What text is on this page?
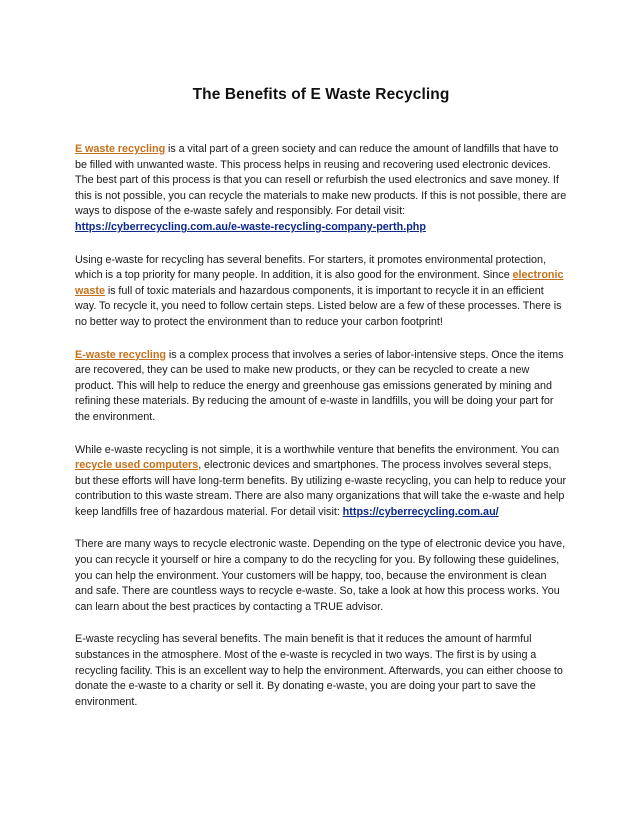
The Benefits of E Waste Recycling

E waste recycling is a vital part of a green society and can reduce the amount of landfills that have to be filled with unwanted waste. This process helps in reusing and recovering used electronic devices. The best part of this process is that you can resell or refurbish the used electronics and save money. If this is not possible, you can recycle the materials to make new products. If this is not possible, there are ways to dispose of the e-waste safely and responsibly. For detail visit: https://cyberrecycling.com.au/e-waste-recycling-company-perth.php

Using e-waste for recycling has several benefits. For starters, it promotes environmental protection, which is a top priority for many people. In addition, it is also good for the environment. Since electronic waste is full of toxic materials and hazardous components, it is important to recycle it in an efficient way. To recycle it, you need to follow certain steps. Listed below are a few of these processes. There is no better way to protect the environment than to reduce your carbon footprint!

E-waste recycling is a complex process that involves a series of labor-intensive steps. Once the items are recovered, they can be used to make new products, or they can be recycled to create a new product. This will help to reduce the energy and greenhouse gas emissions generated by mining and refining these materials. By reducing the amount of e-waste in landfills, you will be doing your part for the environment.

While e-waste recycling is not simple, it is a worthwhile venture that benefits the environment. You can recycle used computers, electronic devices and smartphones. The process involves several steps, but these efforts will have long-term benefits. By utilizing e-waste recycling, you can help to reduce your contribution to this waste stream. There are also many organizations that will take the e-waste and help keep landfills free of hazardous material. For detail visit: https://cyberrecycling.com.au/

There are many ways to recycle electronic waste. Depending on the type of electronic device you have, you can recycle it yourself or hire a company to do the recycling for you. By following these guidelines, you can help the environment. Your customers will be happy, too, because the environment is clean and safe. There are countless ways to recycle e-waste. So, take a look at how this process works. You can learn about the best practices by contacting a TRUE advisor.

E-waste recycling has several benefits. The main benefit is that it reduces the amount of harmful substances in the atmosphere. Most of the e-waste is recycled in two ways. The first is by using a recycling facility. This is an excellent way to help the environment. Afterwards, you can either choose to donate the e-waste to a charity or sell it. By donating e-waste, you are doing your part to save the environment.
